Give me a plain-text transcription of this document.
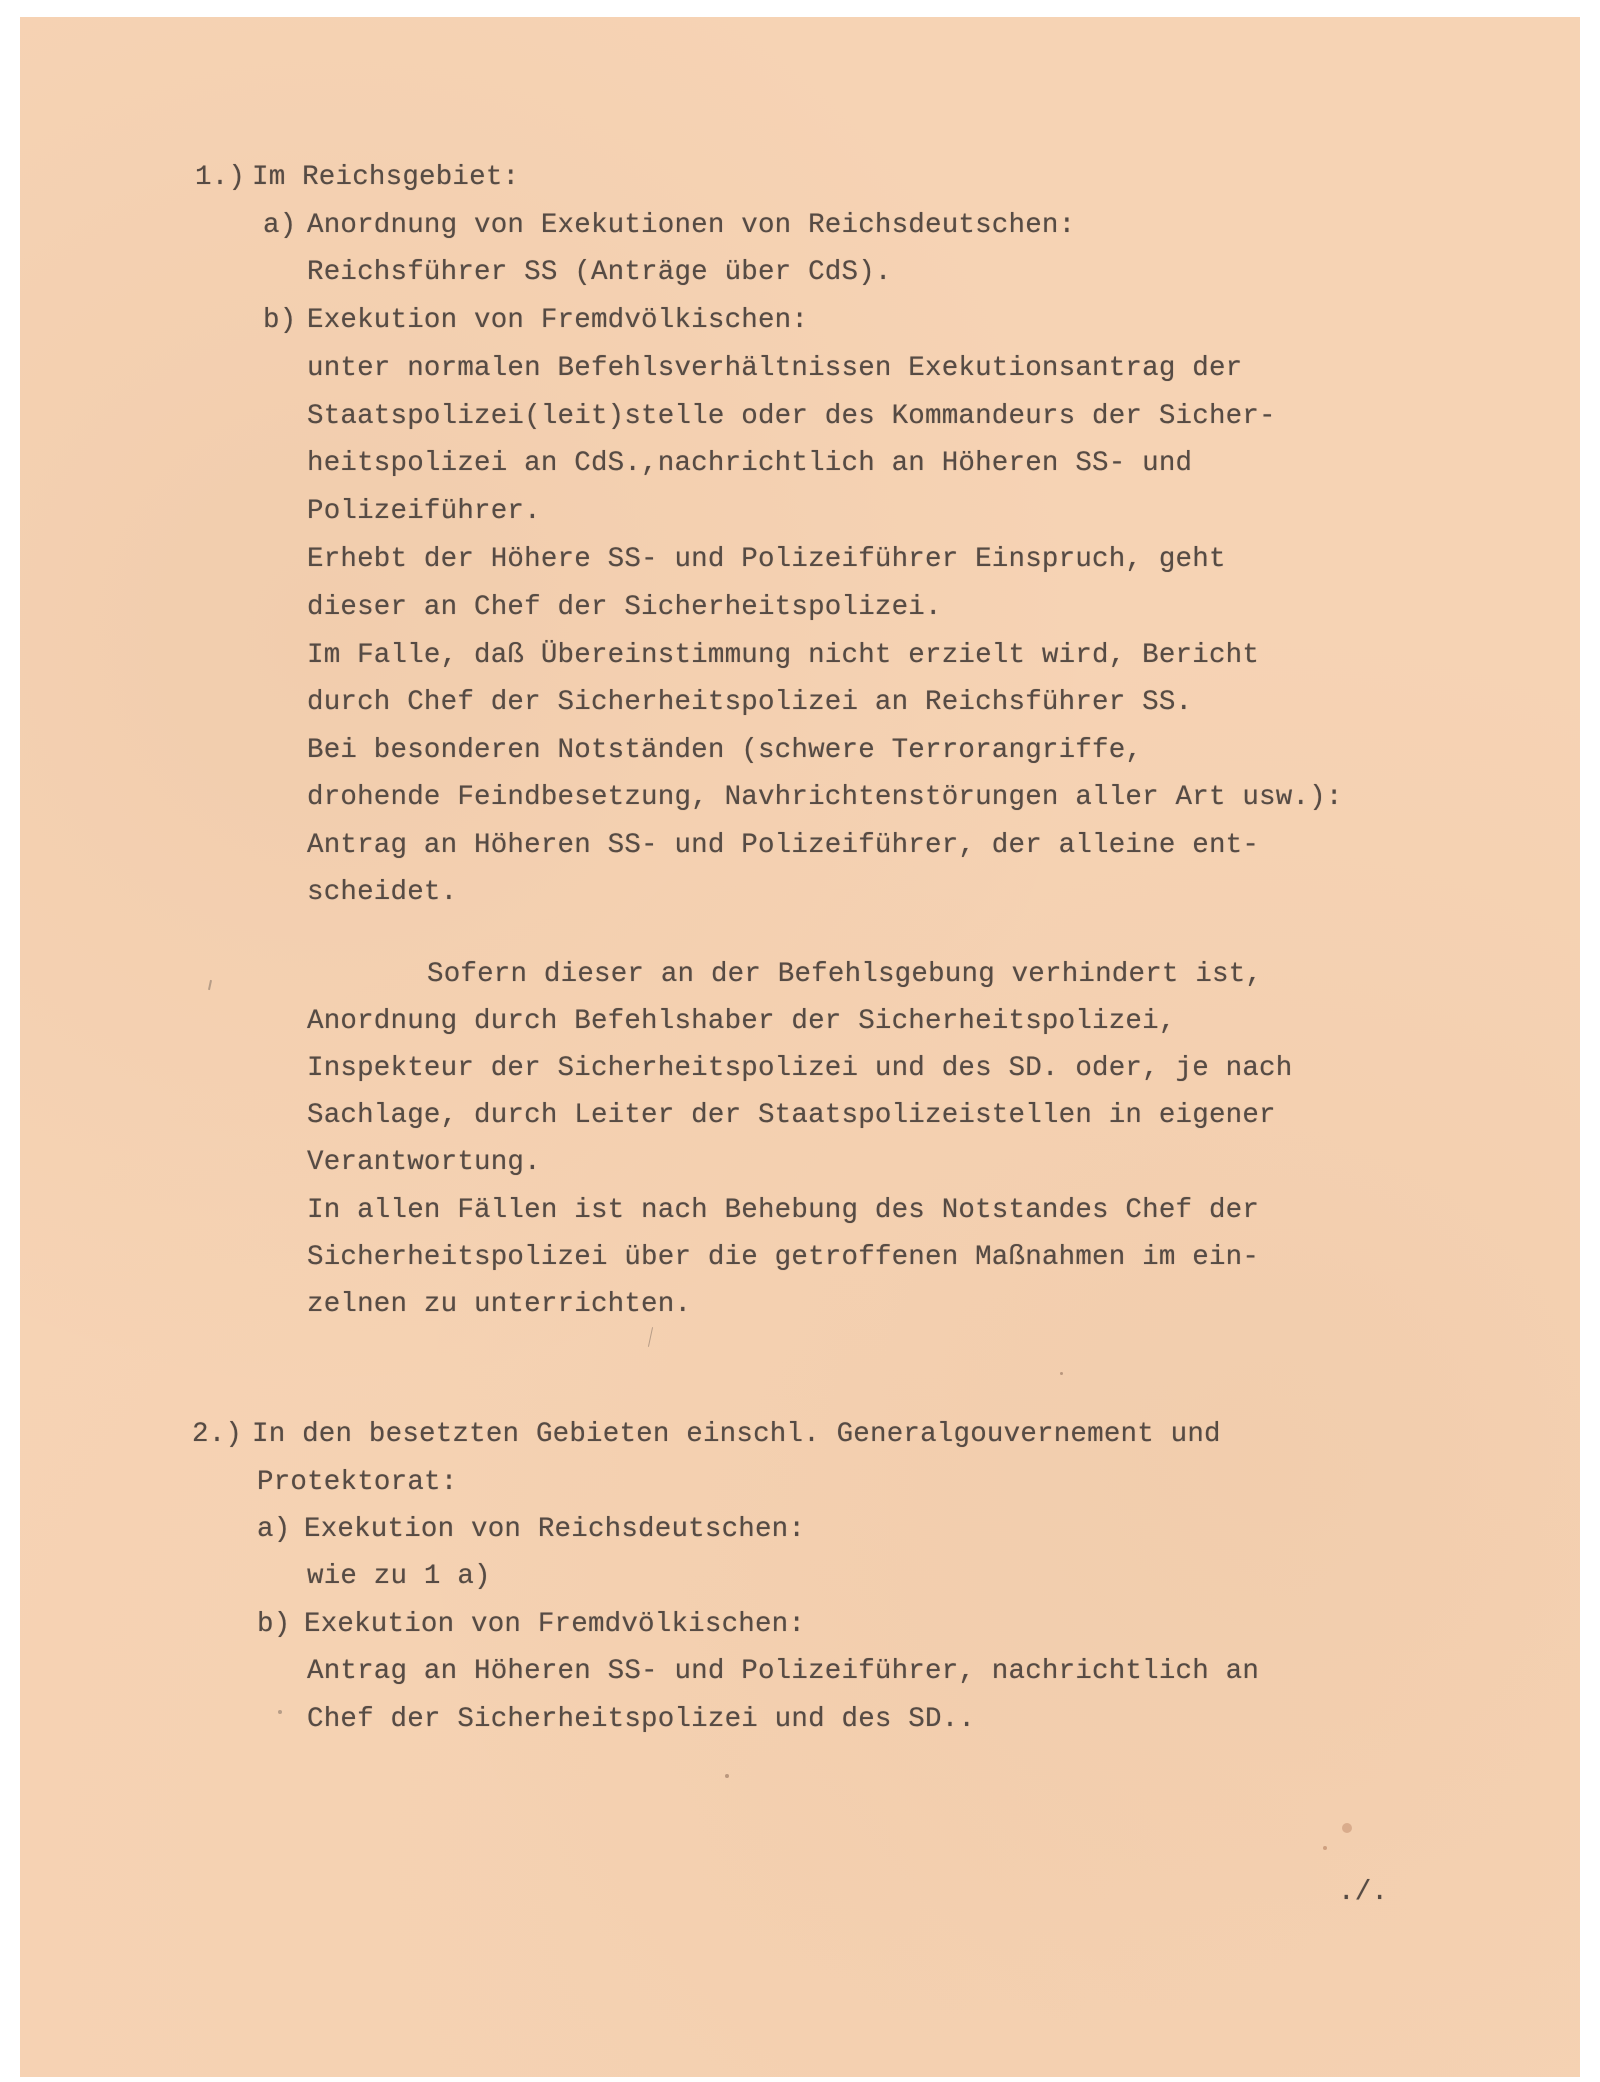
1.) Im Reichsgebiet:
a) Anordnung von Exekutionen von Reichsdeutschen:
Reichsführer SS (Anträge über CdS).
b) Exekution von Fremdvölkischen:
unter normalen Befehlsverhältnissen Exekutionsantrag der
Staatspolizei(leit)stelle oder des Kommandeurs der Sicher-
heitspolizei an CdS.,nachrichtlich an Höheren SS- und
Polizeiführer.
Erhebt der Höhere SS- und Polizeiführer Einspruch, geht
dieser an Chef der Sicherheitspolizei.
Im Falle, daß Übereinstimmung nicht erzielt wird, Bericht
durch Chef der Sicherheitspolizei an Reichsführer SS.
Bei besonderen Notständen (schwere Terrorangriffe,
drohende Feindbesetzung, Navhrichtenstörungen aller Art usw.):
Antrag an Höheren SS- und Polizeiführer, der alleine ent-
scheidet.
Sofern dieser an der Befehlsgebung verhindert ist,
Anordnung durch Befehlshaber der Sicherheitspolizei,
Inspekteur der Sicherheitspolizei und des SD. oder, je nach
Sachlage, durch Leiter der Staatspolizeistellen in eigener
Verantwortung.
In allen Fällen ist nach Behebung des Notstandes Chef der
Sicherheitspolizei über die getroffenen Maßnahmen im ein-
zelnen zu unterrichten.
2.) In den besetzten Gebieten einschl. Generalgouvernement und
Protektorat:
a) Exekution von Reichsdeutschen:
wie zu 1 a)
b) Exekution von Fremdvölkischen:
Antrag an Höheren SS- und Polizeiführer, nachrichtlich an
Chef der Sicherheitspolizei und des SD..
./.
